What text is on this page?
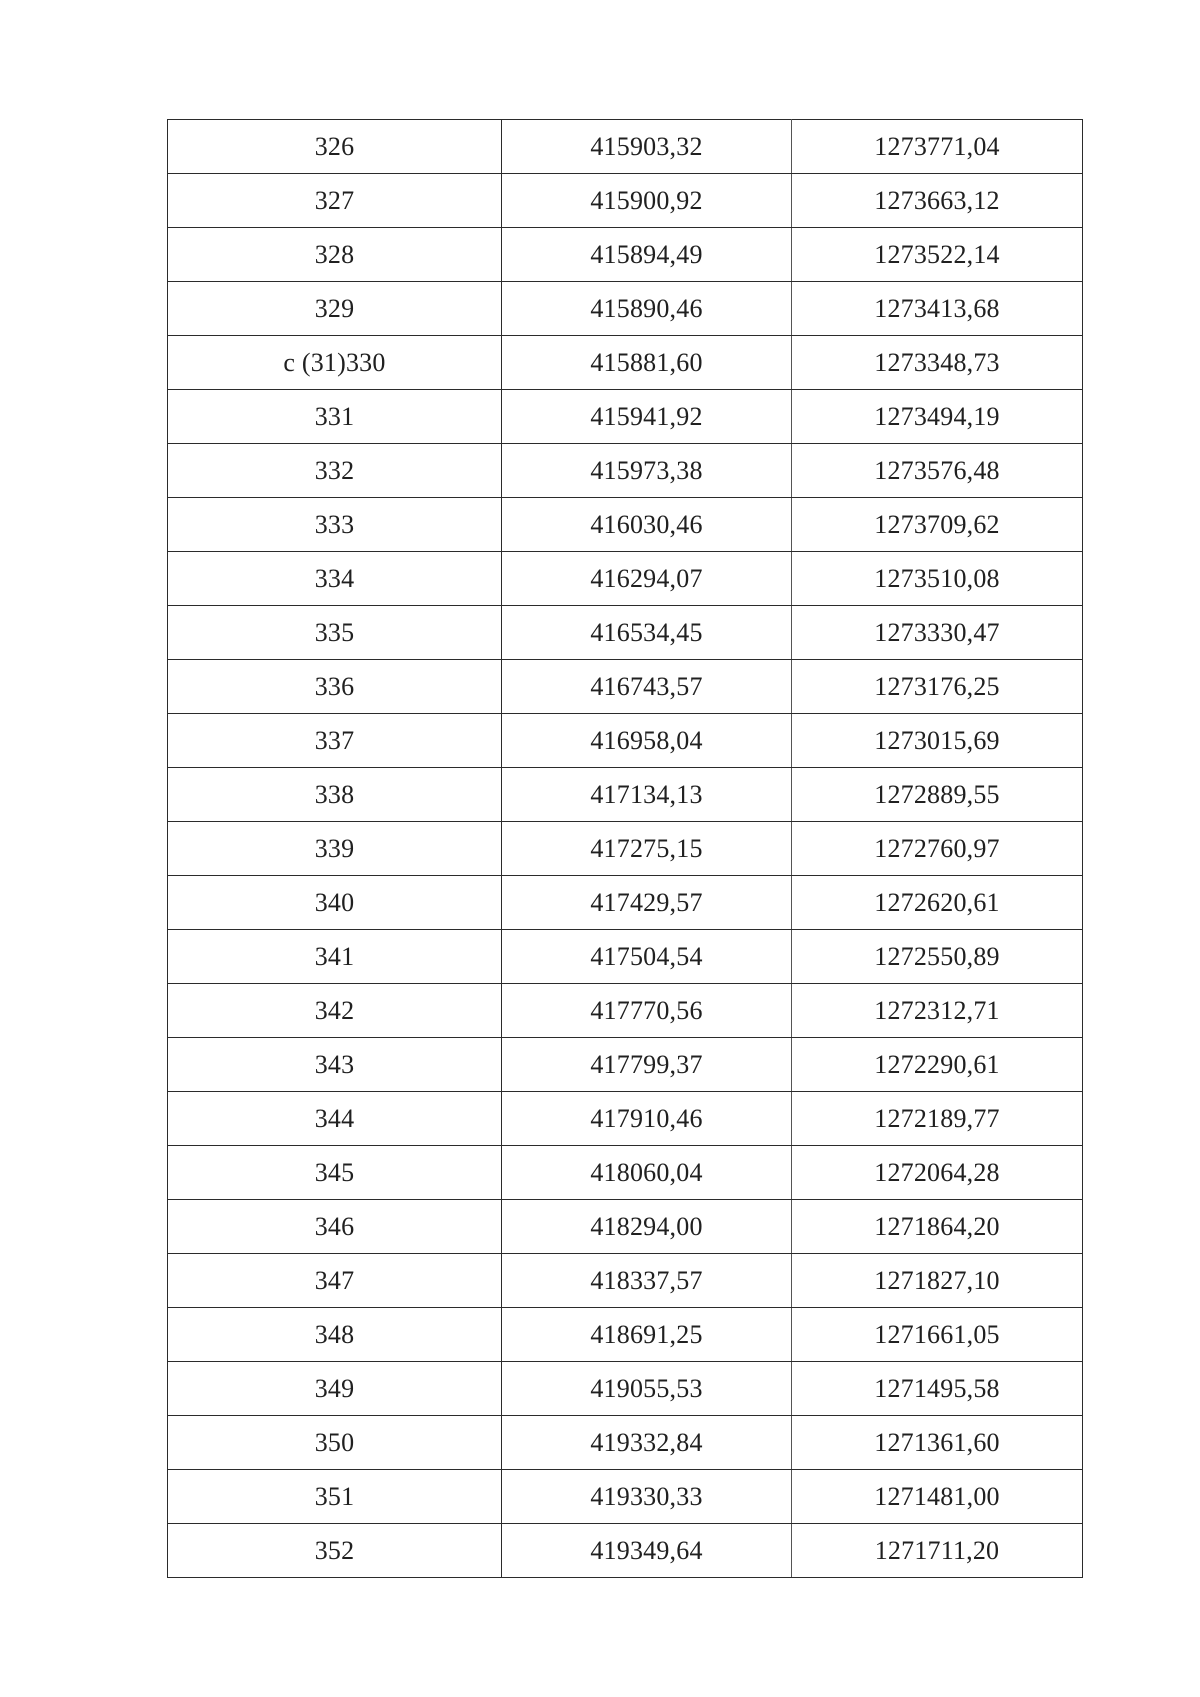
326	415903,32	1273771,04
327	415900,92	1273663,12
328	415894,49	1273522,14
329	415890,46	1273413,68
c (31)330	415881,60	1273348,73
331	415941,92	1273494,19
332	415973,38	1273576,48
333	416030,46	1273709,62
334	416294,07	1273510,08
335	416534,45	1273330,47
336	416743,57	1273176,25
337	416958,04	1273015,69
338	417134,13	1272889,55
339	417275,15	1272760,97
340	417429,57	1272620,61
341	417504,54	1272550,89
342	417770,56	1272312,71
343	417799,37	1272290,61
344	417910,46	1272189,77
345	418060,04	1272064,28
346	418294,00	1271864,20
347	418337,57	1271827,10
348	418691,25	1271661,05
349	419055,53	1271495,58
350	419332,84	1271361,60
351	419330,33	1271481,00
352	419349,64	1271711,20
